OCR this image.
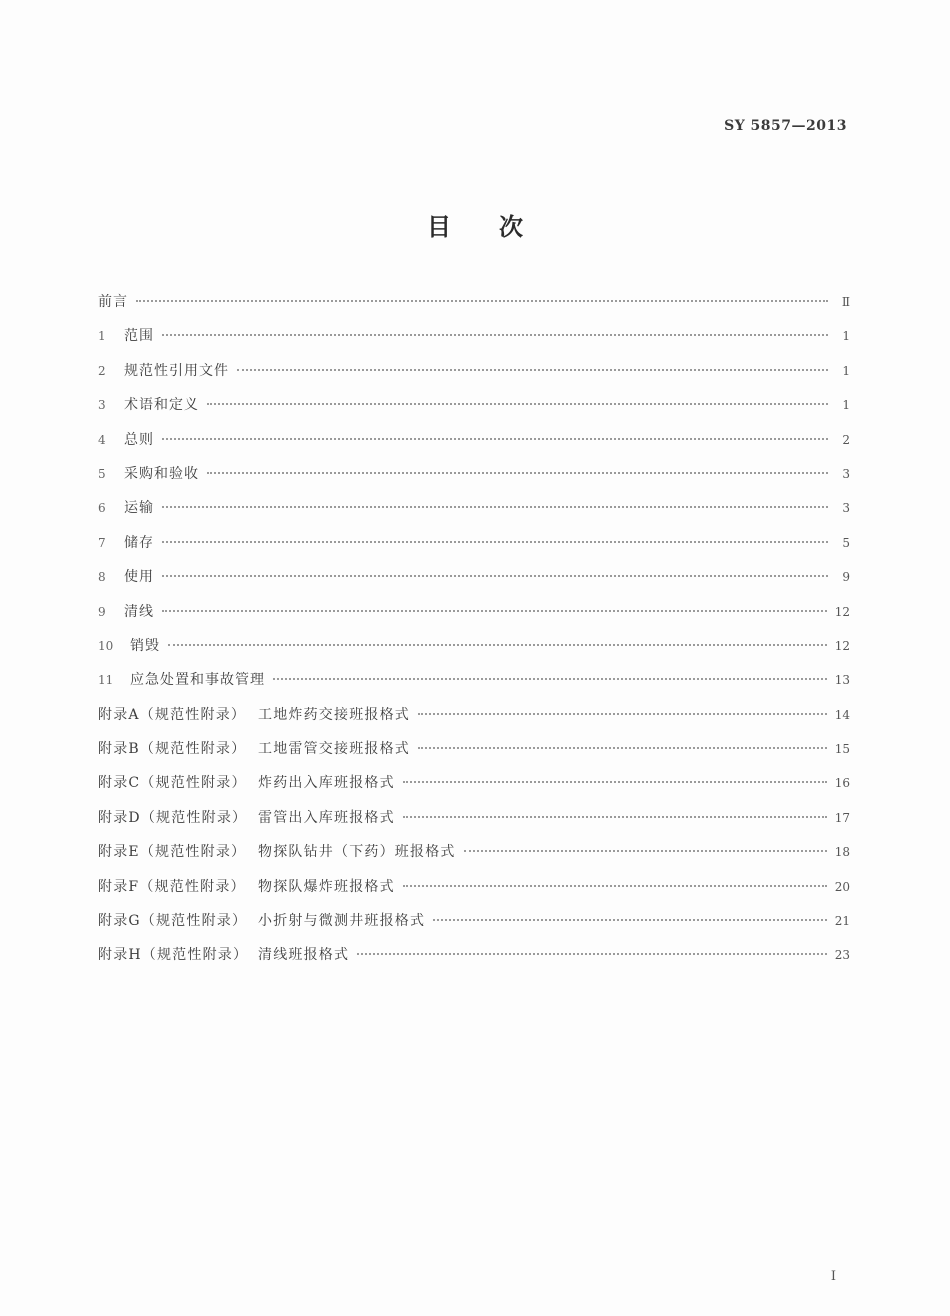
SY 5857—2013
目 次
前言	Ⅱ
1	范围	1
2	规范性引用文件	1
3	术语和定义	1
4	总则	2
5	采购和验收	3
6	运输	3
7	储存	5
8	使用	9
9	清线	12
10	销毁	12
11	应急处置和事故管理	13
附录A（规范性附录） 工地炸药交接班报格式	14
附录B（规范性附录） 工地雷管交接班报格式	15
附录C（规范性附录） 炸药出入库班报格式	16
附录D（规范性附录） 雷管出入库班报格式	17
附录E（规范性附录） 物探队钻井（下药）班报格式	18
附录F（规范性附录） 物探队爆炸班报格式	20
附录G（规范性附录） 小折射与微测井班报格式	21
附录H（规范性附录） 清线班报格式	23
Ⅰ
